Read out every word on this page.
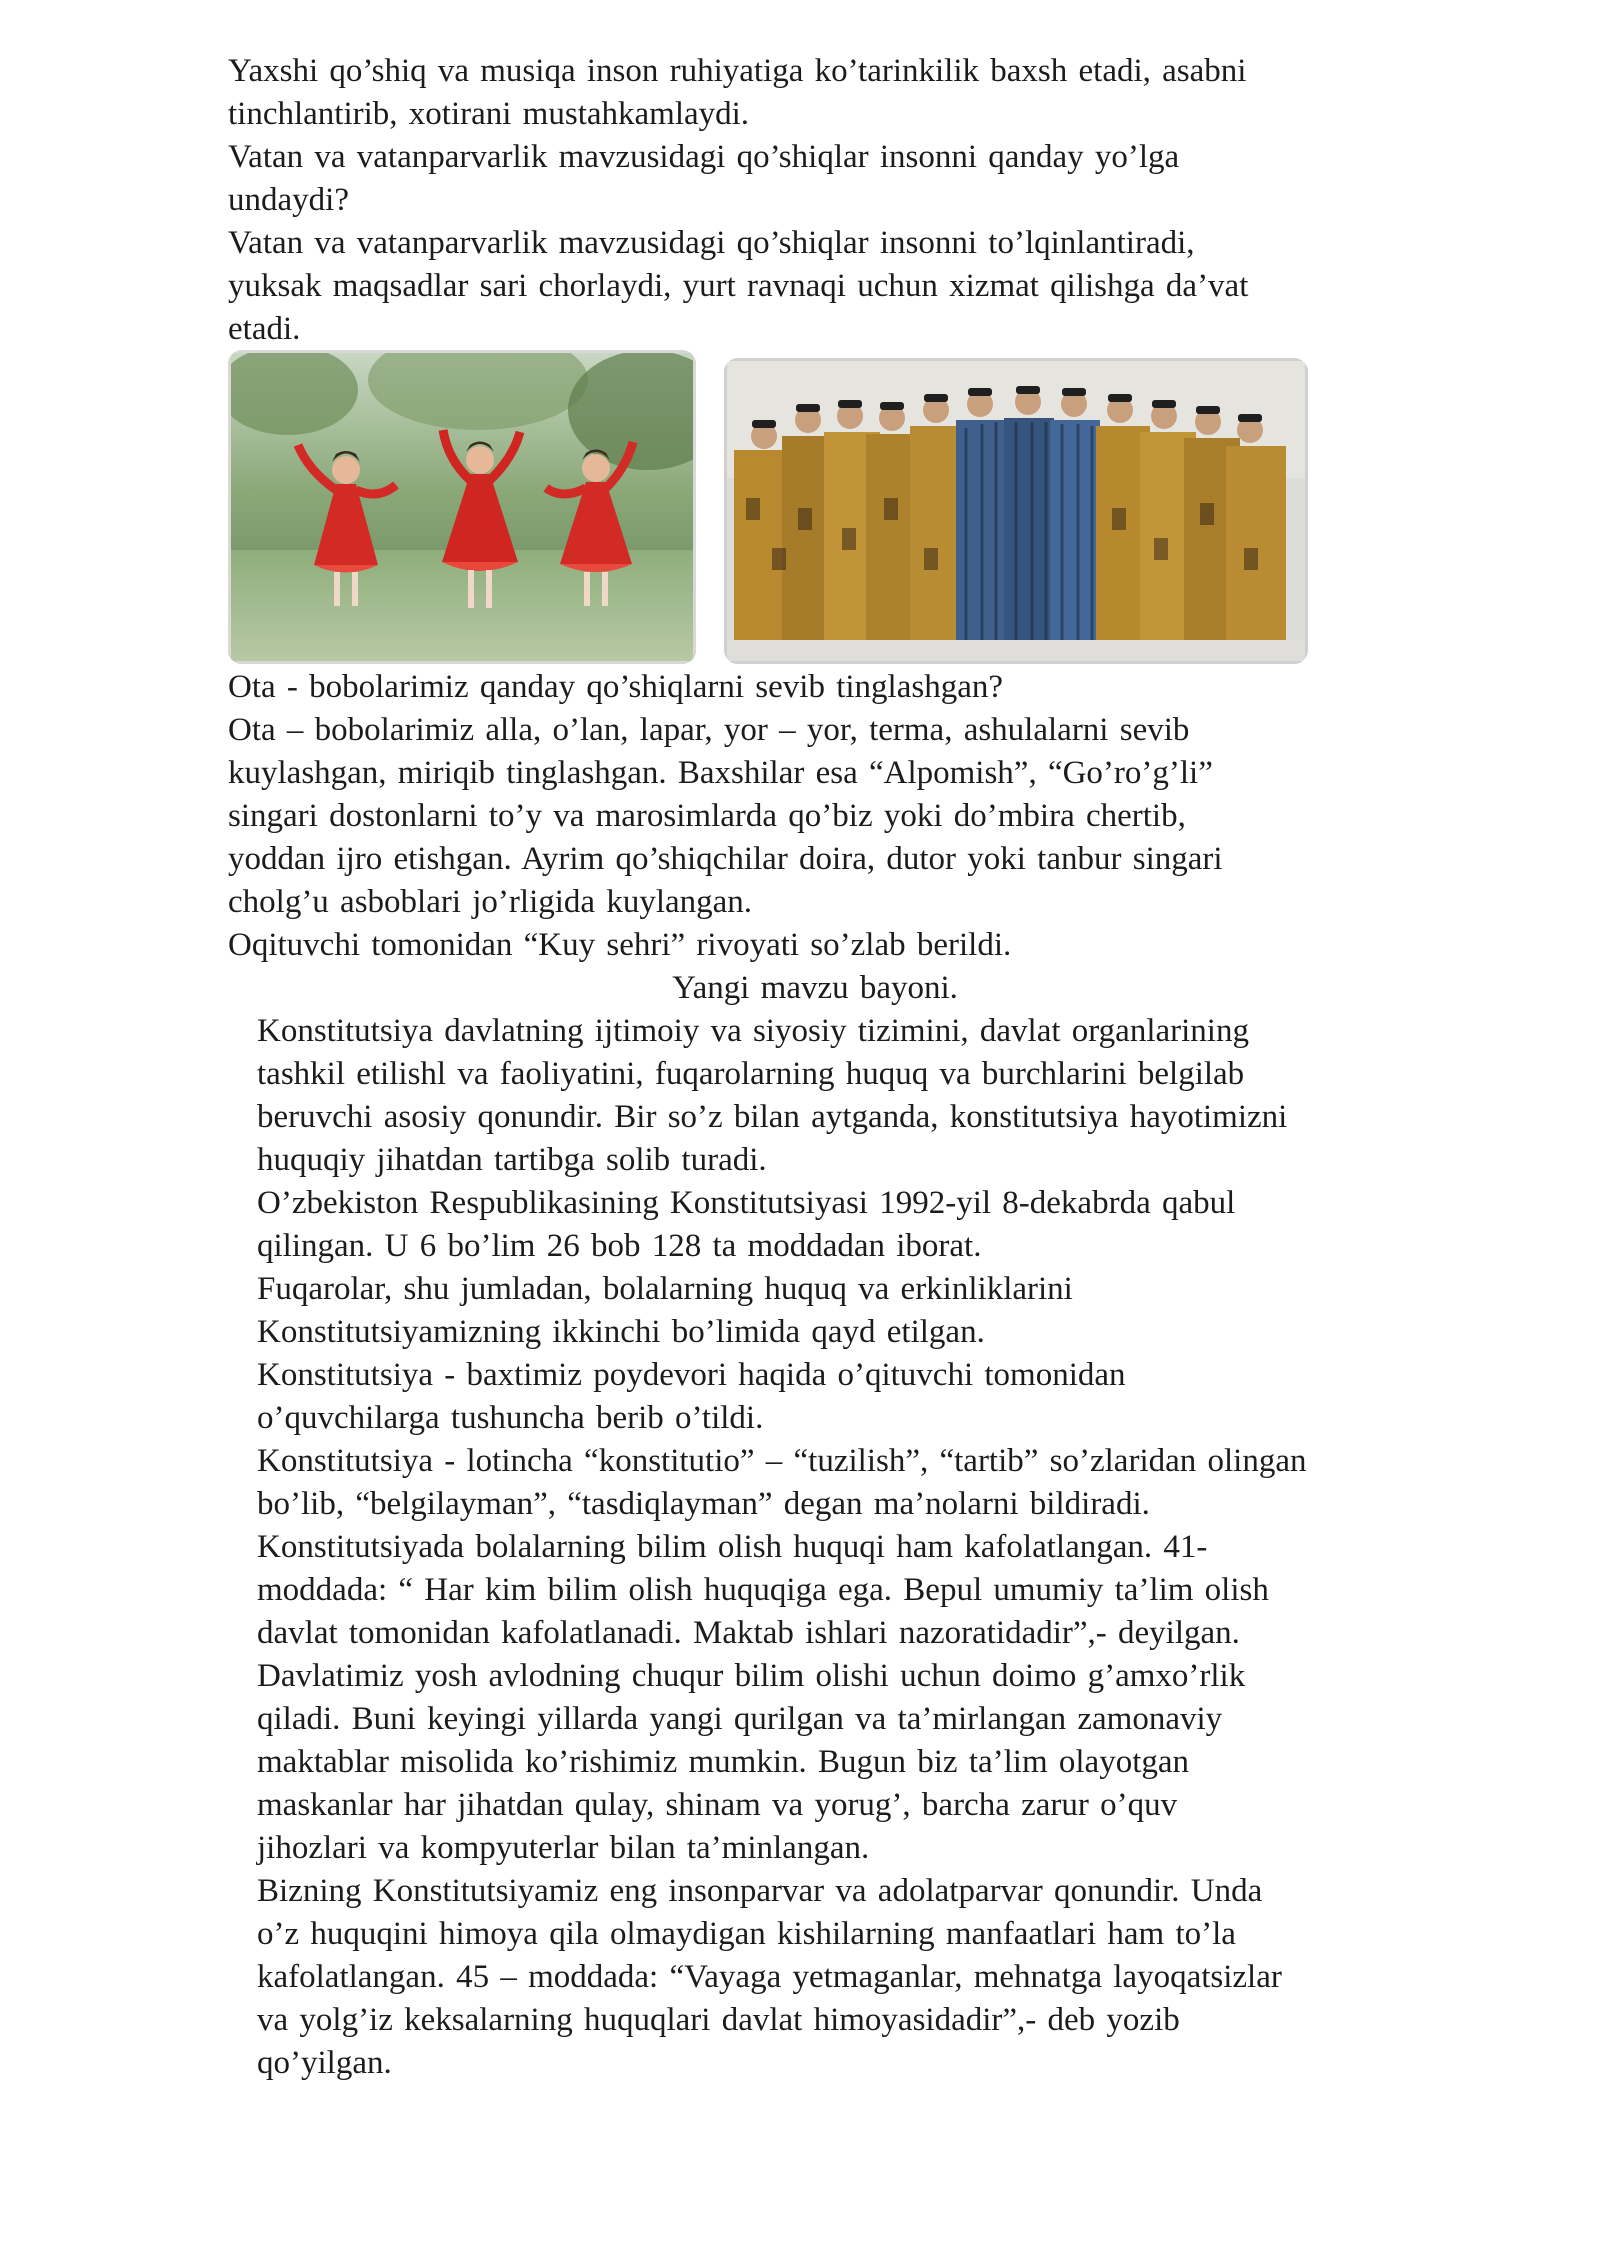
Yaxshi qo’shiq va musiqa inson ruhiyatiga ko’tarinkilik baxsh etadi, asabni

tinchlantirib, xotirani mustahkamlaydi.

Vatan va vatanparvarlik mavzusidagi qo’shiqlar insonni qanday yo’lga

undaydi?

Vatan va vatanparvarlik mavzusidagi qo’shiqlar insonni to’lqinlantiradi,

yuksak maqsadlar sari chorlaydi, yurt ravnaqi uchun xizmat qilishga da’vat

etadi.

Ota - bobolarimiz qanday qo’shiqlarni sevib tinglashgan?

Ota – bobolarimiz alla, o’lan, lapar, yor – yor, terma, ashulalarni sevib

kuylashgan, miriqib tinglashgan. Baxshilar esa “Alpomish”, “Go’ro’g’li”

singari dostonlarni to’y va marosimlarda qo’biz yoki do’mbira chertib,

yoddan ijro etishgan. Ayrim qo’shiqchilar doira, dutor yoki tanbur singari

cholg’u asboblari jo’rligida kuylangan.

Oqituvchi tomonidan “Kuy sehri” rivoyati so’zlab berildi.

Yangi mavzu bayoni.

Konstitutsiya davlatning ijtimoiy va siyosiy tizimini, davlat organlarining

tashkil etilishl va faoliyatini, fuqarolarning huquq va burchlarini belgilab

beruvchi asosiy qonundir. Bir so’z bilan aytganda, konstitutsiya hayotimizni

huquqiy jihatdan tartibga solib turadi.

O’zbekiston Respublikasining Konstitutsiyasi 1992-yil 8-dekabrda qabul

qilingan. U 6 bo’lim 26 bob 128 ta moddadan iborat.

Fuqarolar, shu jumladan, bolalarning huquq va erkinliklarini

Konstitutsiyamizning ikkinchi bo’limida qayd etilgan.

Konstitutsiya - baxtimiz poydevori haqida o’qituvchi tomonidan

o’quvchilarga tushuncha berib o’tildi.

Konstitutsiya - lotincha “konstitutio” – “tuzilish”, “tartib” so’zlaridan olingan

bo’lib, “belgilayman”, “tasdiqlayman” degan ma’nolarni bildiradi.

Konstitutsiyada bolalarning bilim olish huquqi ham kafolatlangan. 41-

moddada: “ Har kim bilim olish huquqiga ega. Bepul umumiy ta’lim olish

davlat tomonidan kafolatlanadi. Maktab ishlari nazoratidadir”,- deyilgan.

Davlatimiz yosh avlodning chuqur bilim olishi uchun doimo g’amxo’rlik

qiladi. Buni keyingi yillarda yangi qurilgan va ta’mirlangan zamonaviy

maktablar misolida ko’rishimiz mumkin. Bugun biz ta’lim olayotgan

maskanlar har jihatdan qulay, shinam va yorug’, barcha zarur o’quv

jihozlari va kompyuterlar bilan ta’minlangan.

Bizning Konstitutsiyamiz eng insonparvar va adolatparvar qonundir. Unda

o’z huquqini himoya qila olmaydigan kishilarning manfaatlari ham to’la

kafolatlangan. 45 – moddada: “Vayaga yetmaganlar, mehnatga layoqatsizlar

va yolg’iz keksalarning huquqlari davlat himoyasidadir”,- deb yozib

qo’yilgan.
